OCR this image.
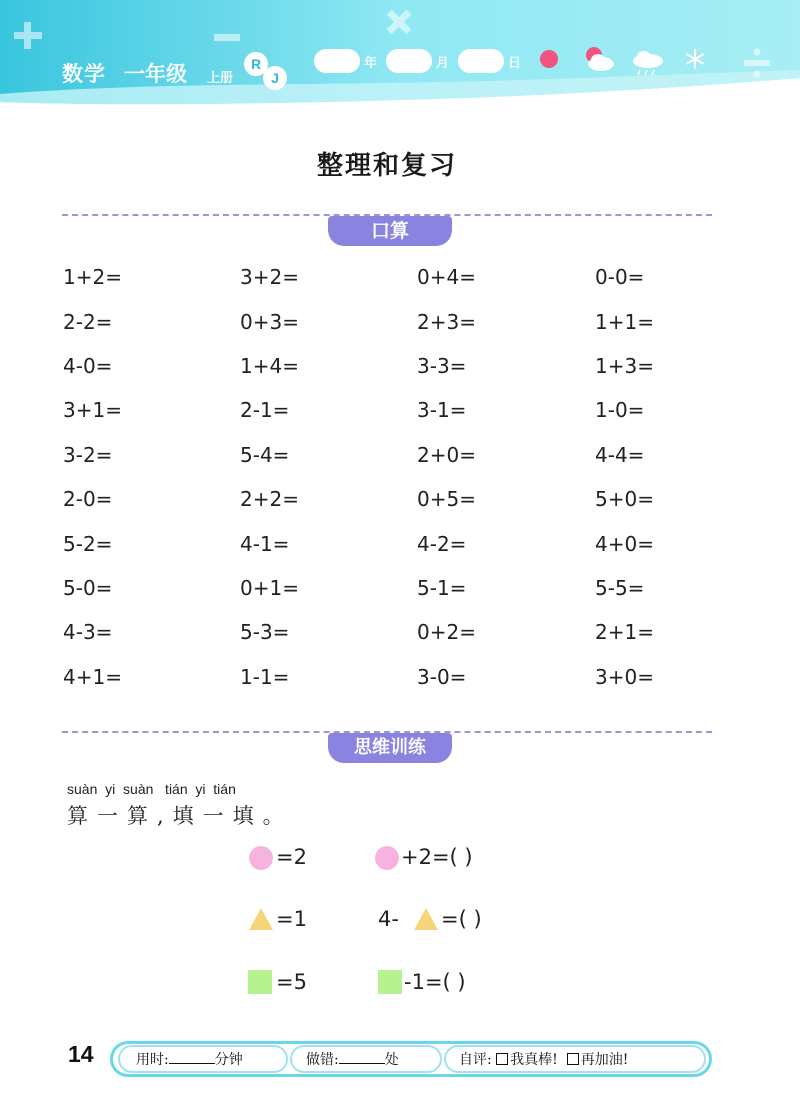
数学 一年级 上册
R
J
年	月	日
整理和复习
口算
1+2=	3+2=	0+4=	0-0=
2-2=	0+3=	2+3=	1+1=
4-0=	1+4=	3-3=	1+3=
3+1=	2-1=	3-1=	1-0=
3-2=	5-4=	2+0=	4-4=
2-0=	2+2=	0+5=	5+0=
5-2=	4-1=	4-2=	4+0=
5-0=	0+1=	5-1=	5-5=
4-3=	5-3=	0+2=	2+1=
4+1=	1-1=	3-0=	3+0=
思维训练
suàn  yi  suàn   tián  yi  tián
算一算,填一填。
=2	+2=( )
=1	4- =( )
=5	-1=( )
14	用时:	分钟	做错:	处	自评: 我真棒! 再加油!
